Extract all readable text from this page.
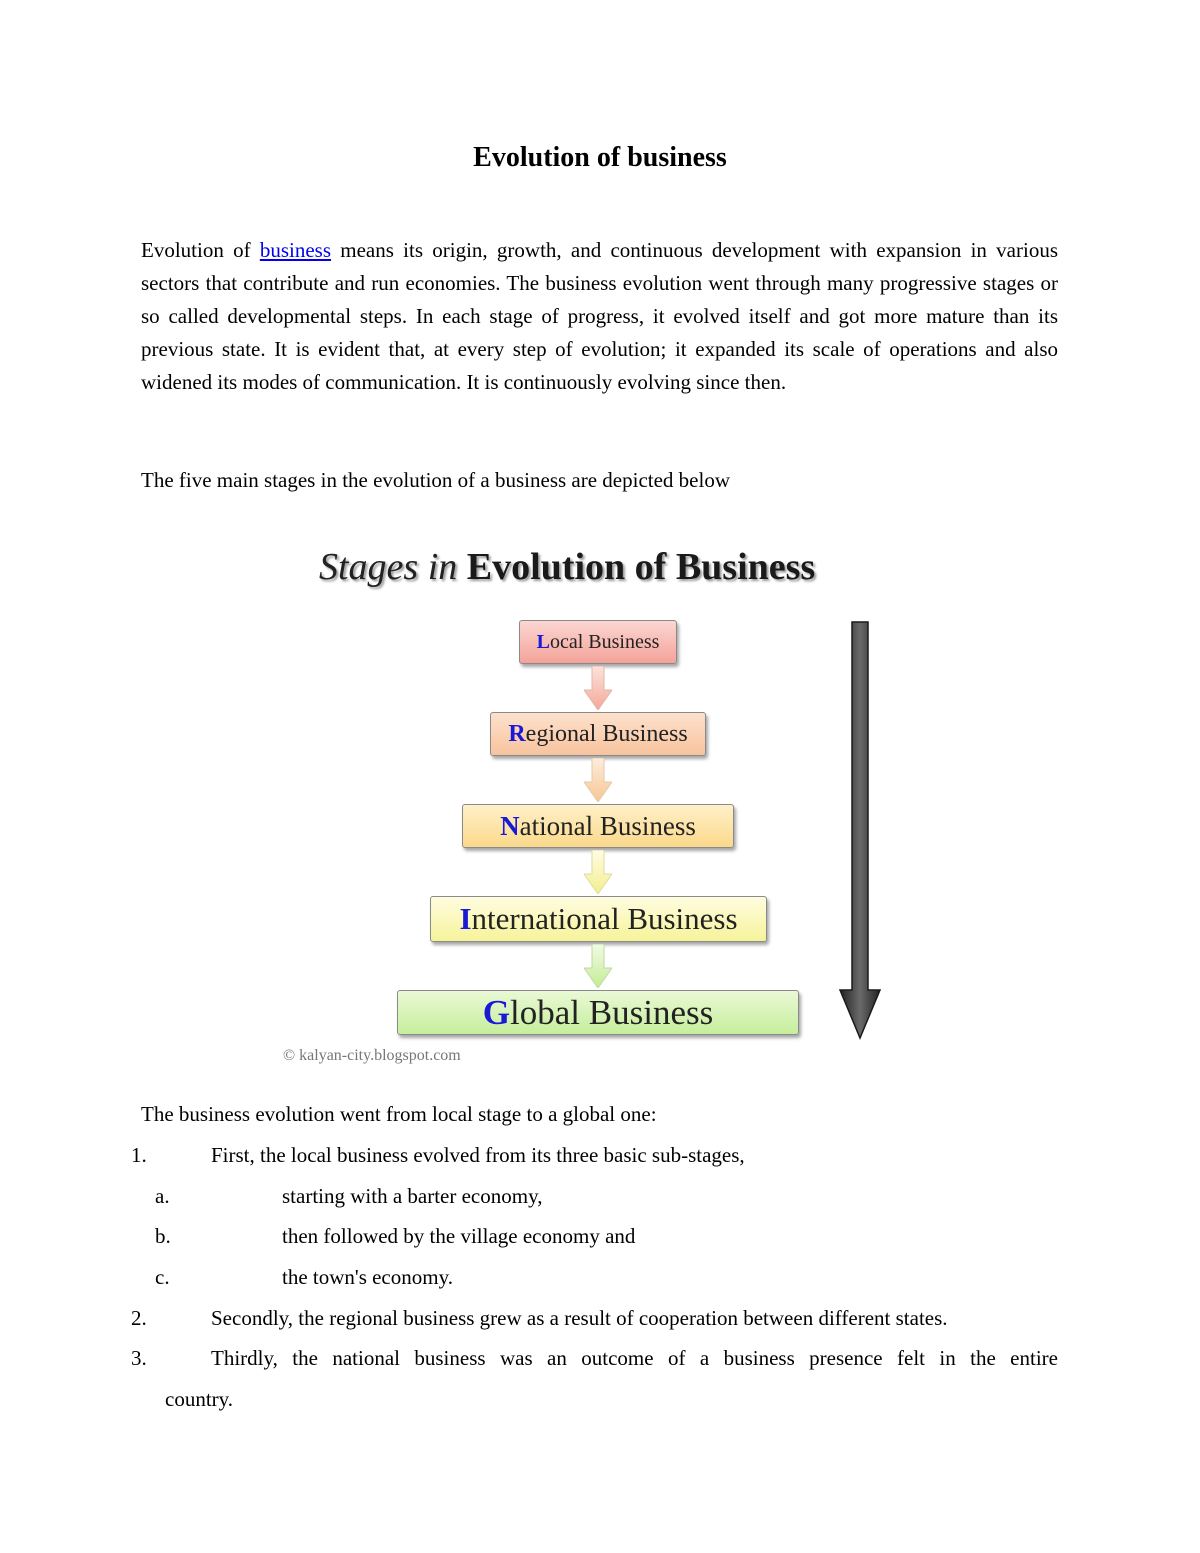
Evolution of business

Evolution of business means its origin, growth, and continuous development with expansion in various sectors that contribute and run economies. The business evolution went through many progressive stages or so called developmental steps. In each stage of progress, it evolved itself and got more mature than its previous state. It is evident that, at every step of evolution; it expanded its scale of operations and also widened its modes of communication. It is continuously evolving since then.

The five main stages in the evolution of a business are depicted below
Stages in Evolution of Business
Local Business
Regional Business
National Business
International Business
Global Business
© kalyan-city.blogspot.com
The business evolution went from local stage to a global one:
1.	First, the local business evolved from its three basic sub-stages,
a.	starting with a barter economy,
b.	then followed by the village economy and
c.	the town's economy.
2.	Secondly, the regional business grew as a result of cooperation between different states.
3.	Thirdly, the national business was an outcome of a business presence felt in the entire
country.
